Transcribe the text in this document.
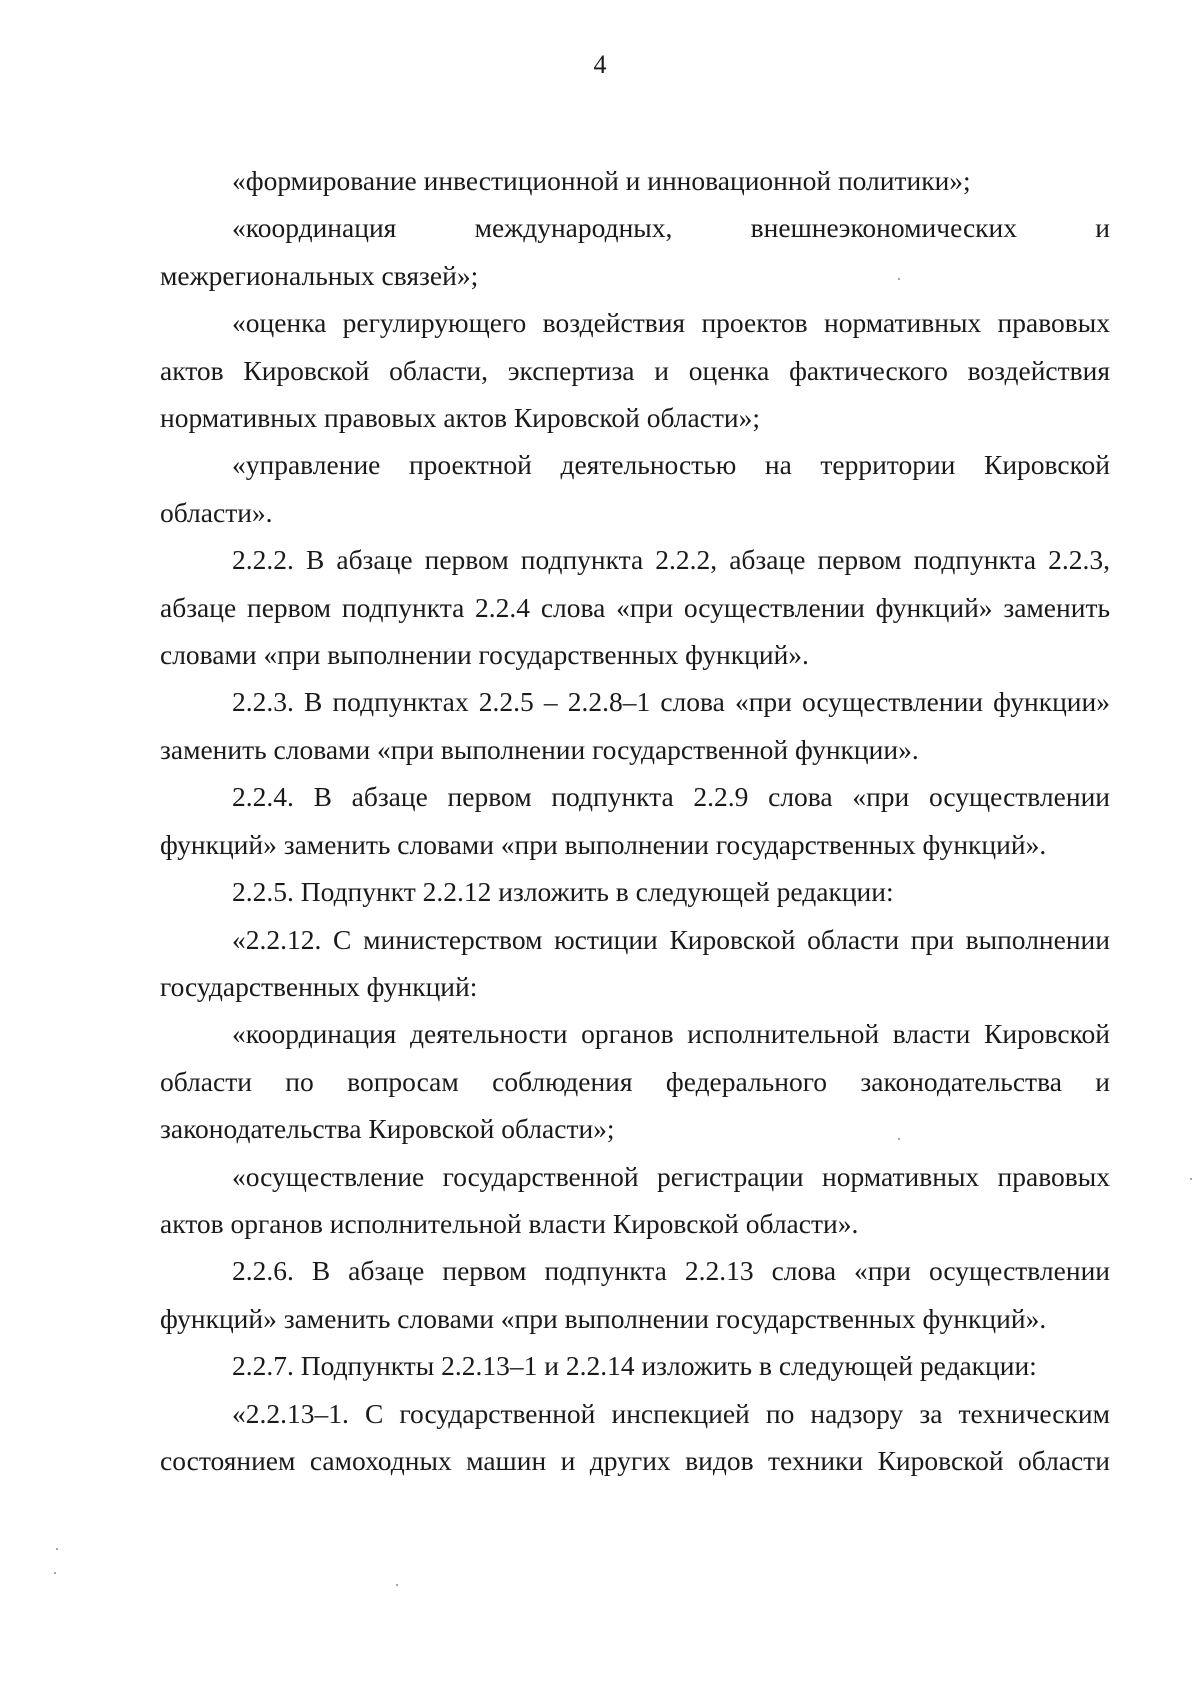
4

«формирование инвестиционной и инновационной политики»;

«координация международных, внешнеэкономических и межрегиональных связей»;

«оценка регулирующего воздействия проектов нормативных правовых актов Кировской области, экспертиза и оценка фактического воздействия нормативных правовых актов Кировской области»;

«управление проектной деятельностью на территории Кировской области».

2.2.2. В абзаце первом подпункта 2.2.2, абзаце первом подпункта 2.2.3, абзаце первом подпункта 2.2.4 слова «при осуществлении функций» заменить словами «при выполнении государственных функций».

2.2.3. В подпунктах 2.2.5 – 2.2.8–1 слова «при осуществлении функции» заменить словами «при выполнении государственной функции».

2.2.4. В абзаце первом подпункта 2.2.9 слова «при осуществлении функций» заменить словами «при выполнении государственных функций».

2.2.5. Подпункт 2.2.12 изложить в следующей редакции:

«2.2.12. С министерством юстиции Кировской области при выполнении государственных функций:

«координация деятельности органов исполнительной власти Кировской области по вопросам соблюдения федерального законодательства и законодательства Кировской области»;

«осуществление государственной регистрации нормативных правовых актов органов исполнительной власти Кировской области».

2.2.6. В абзаце первом подпункта 2.2.13 слова «при осуществлении функций» заменить словами «при выполнении государственных функций».

2.2.7. Подпункты 2.2.13–1 и 2.2.14 изложить в следующей редакции:

«2.2.13–1. С государственной инспекцией по надзору за техническим состоянием самоходных машин и других видов техники Кировской области
